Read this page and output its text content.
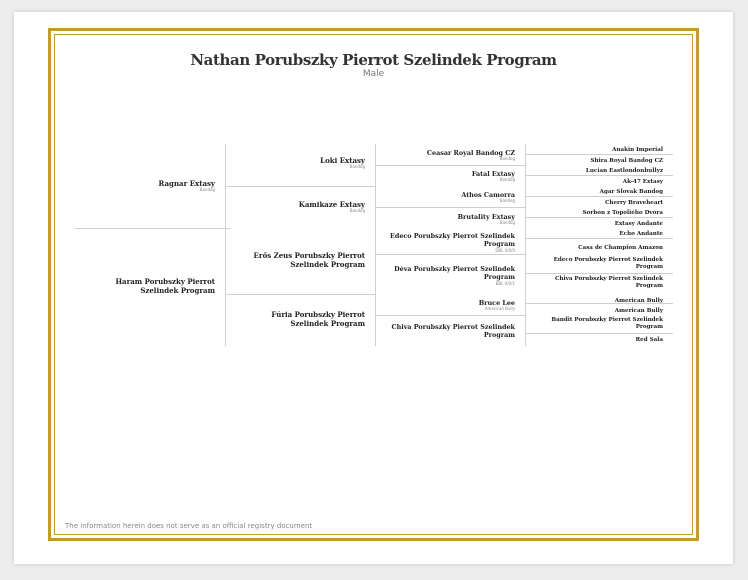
Nathan Porubszky Pierrot Szelindek Program
Male
Ragnar Extasy
Bandog
Haram Porubszky Pierrot Szelindek Program
Loki Extasy
Bandog
Kamikaze Extasy
Bandog
Erős Zeus Porubszky Pierrot Szelindek Program
Fúria Porubszky Pierrot Szelindek Program
Ceasar Royal Bandog CZ
Bandog
Fatal Extasy
Bandog
Athos Camorra
Bandog
Brutality Extasy
Bandog
Edeco Porubszky Pierrot Szelindek Program
DBL 0/0/0
Déva Porubszky Pierrot Szelindek Program
BBL 0/0/1
Bruce Lee
American Bully
Chiva Porubszky Pierrot Szelindek Program
Anakin Imperial
Shira Royal Bandog CZ
Lucian Eastlondonbullyz
Ak-47 Extasy
Agar Slovak Bandog
Cherry Braveheart
Sorbon z Topoliého Dvora
Extasy Andante
Echo Andante
Casa de Champion Amazon
Edeco Porubszky Pierrot Szelindek Program
Chiva Porubszky Pierrot Szelindek Program
American Bully
American Bully
Bandit Porubszky Pierrot Szelindek Program
Red Sala
The information herein does not serve as an official registry document
